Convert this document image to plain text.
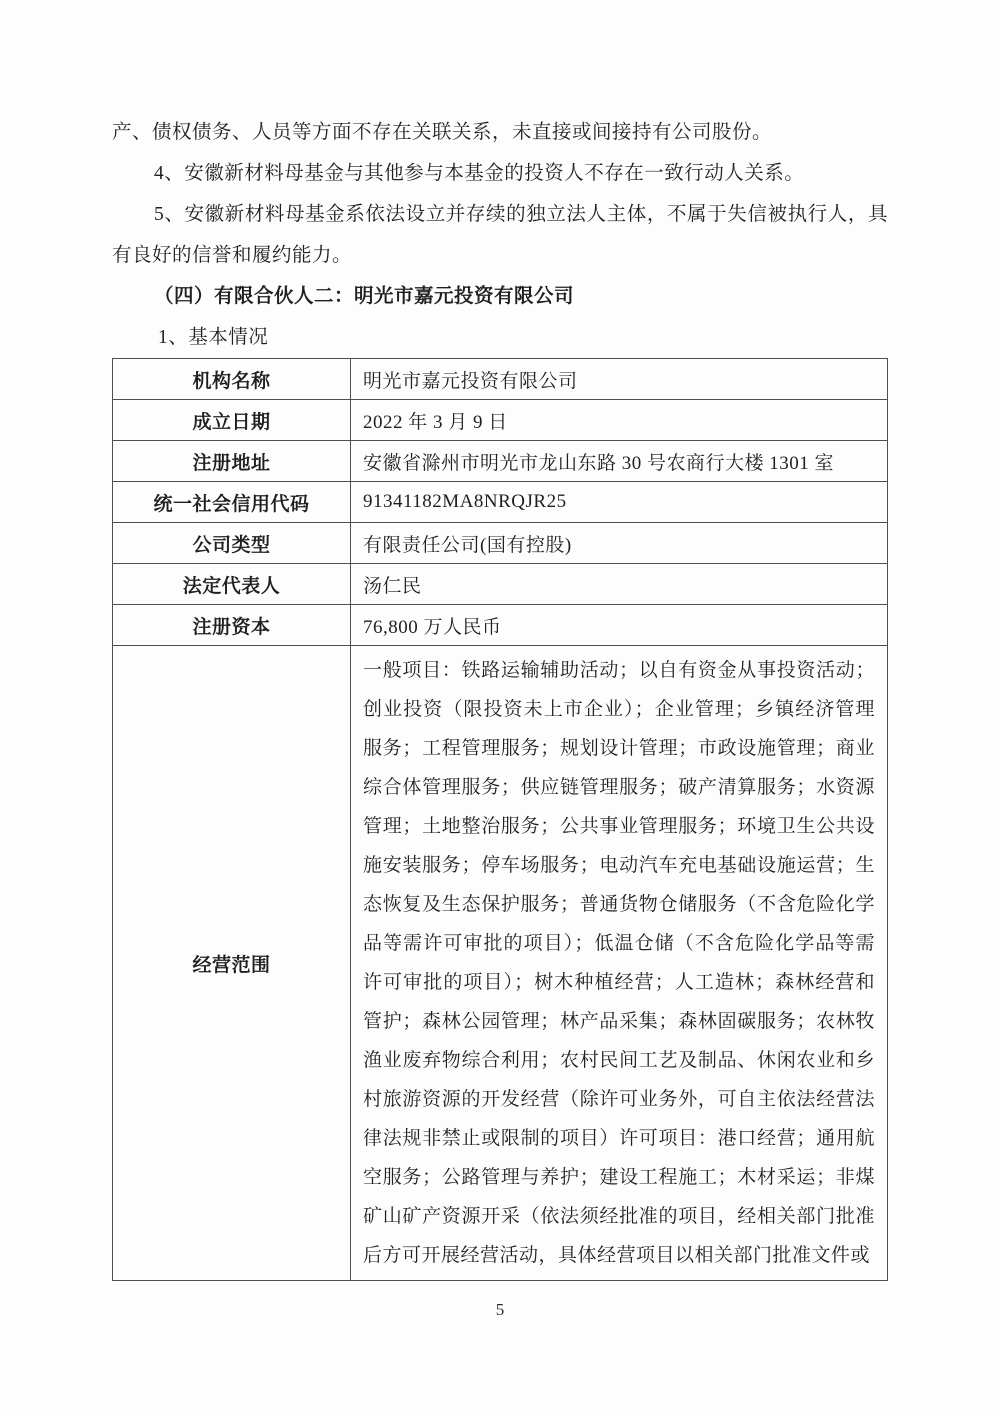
产、债权债务、人员等方面不存在关联关系，未直接或间接持有公司股份。

4、安徽新材料母基金与其他参与本基金的投资人不存在一致行动人关系。

5、安徽新材料母基金系依法设立并存续的独立法人主体，不属于失信被执行人，具有良好的信誉和履约能力。

（四）有限合伙人二：明光市嘉元投资有限公司

1、基本情况

机构名称	明光市嘉元投资有限公司
成立日期	2022 年 3 月 9 日
注册地址	安徽省滁州市明光市龙山东路 30 号农商行大楼 1301 室
统一社会信用代码	91341182MA8NRQJR25
公司类型	有限责任公司(国有控股)
法定代表人	汤仁民
注册资本	76,800 万人民币
经营范围	一般项目：铁路运输辅助活动；以自有资金从事投资活动；创业投资（限投资未上市企业）；企业管理；乡镇经济管理服务；工程管理服务；规划设计管理；市政设施管理；商业综合体管理服务；供应链管理服务；破产清算服务；水资源管理；土地整治服务；公共事业管理服务；环境卫生公共设施安装服务；停车场服务；电动汽车充电基础设施运营；生态恢复及生态保护服务；普通货物仓储服务（不含危险化学品等需许可审批的项目）；低温仓储（不含危险化学品等需许可审批的项目）；树木种植经营；人工造林；森林经营和管护；森林公园管理；林产品采集；森林固碳服务；农林牧渔业废弃物综合利用；农村民间工艺及制品、休闲农业和乡村旅游资源的开发经营（除许可业务外，可自主依法经营法律法规非禁止或限制的项目）许可项目：港口经营；通用航空服务；公路管理与养护；建设工程施工；木材采运；非煤矿山矿产资源开采（依法须经批准的项目，经相关部门批准后方可开展经营活动，具体经营项目以相关部门批准文件或
5
